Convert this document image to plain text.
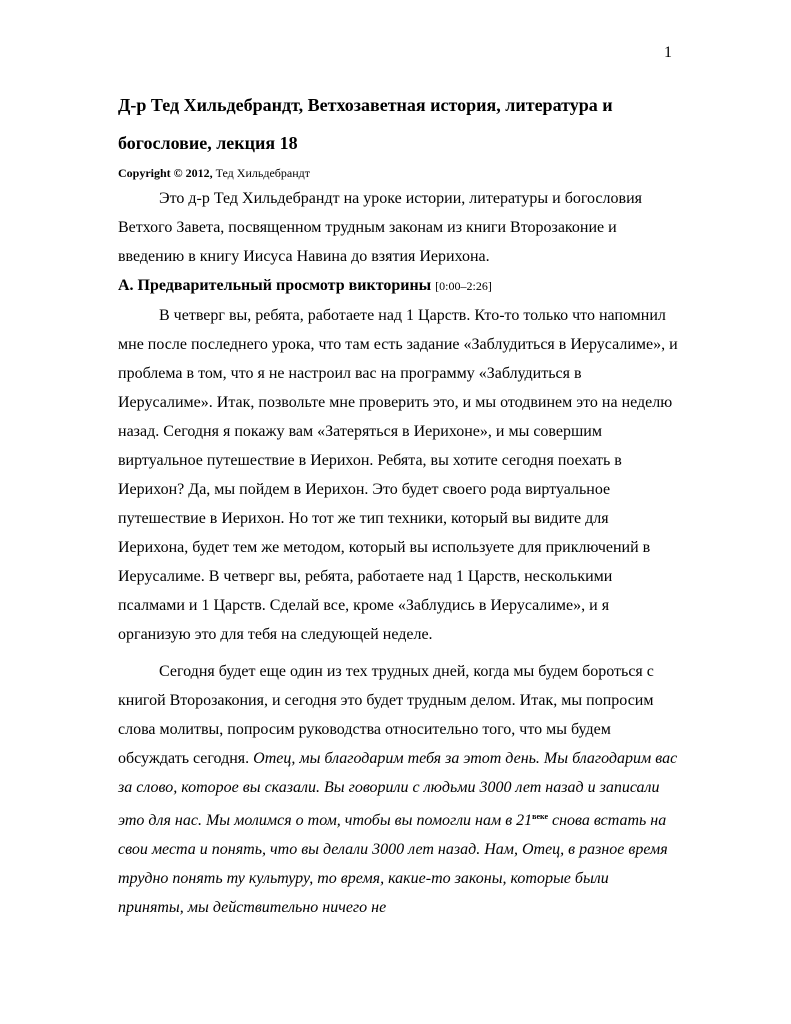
1

Д-р Тед Хильдебрандт, Ветхозаветная история, литература и
богословие, лекция 18

Copyright © 2012, Тед Хильдебрандт

Это д-р Тед Хильдебрандт на уроке истории, литературы и богословия Ветхого Завета, посвященном трудным законам из книги Второзаконие и введению в книгу Иисуса Навина до взятия Иерихона.

A. Предварительный просмотр викторины [0:00–2:26]

В четверг вы, ребята, работаете над 1 Царств. Кто-то только что напомнил мне после последнего урока, что там есть задание «Заблудиться в Иерусалиме», и проблема в том, что я не настроил вас на программу «Заблудиться в Иерусалиме». Итак, позвольте мне проверить это, и мы отодвинем это на неделю назад. Сегодня я покажу вам «Затеряться в Иерихоне», и мы совершим виртуальное путешествие в Иерихон. Ребята, вы хотите сегодня поехать в Иерихон? Да, мы пойдем в Иерихон. Это будет своего рода виртуальное путешествие в Иерихон. Но тот же тип техники, который вы видите для Иерихона, будет тем же методом, который вы используете для приключений в Иерусалиме. В четверг вы, ребята, работаете над 1 Царств, несколькими псалмами и 1 Царств. Сделай все, кроме «Заблудись в Иерусалиме», и я организую это для тебя на следующей неделе.

Сегодня будет еще один из тех трудных дней, когда мы будем бороться с книгой Второзакония, и сегодня это будет трудным делом. Итак, мы попросим слова молитвы, попросим руководства относительно того, что мы будем обсуждать сегодня. Отец, мы благодарим тебя за этот день. Мы благодарим вас за слово, которое вы сказали. Вы говорили с людьми 3000 лет назад и записали это для нас. Мы молимся о том, чтобы вы помогли нам в $21^{веке}$ снова встать на свои места и понять, что вы делали 3000 лет назад. Нам, Отец, в разное время трудно понять ту культуру, то время, какие-то законы, которые были приняты, мы действительно ничего не
